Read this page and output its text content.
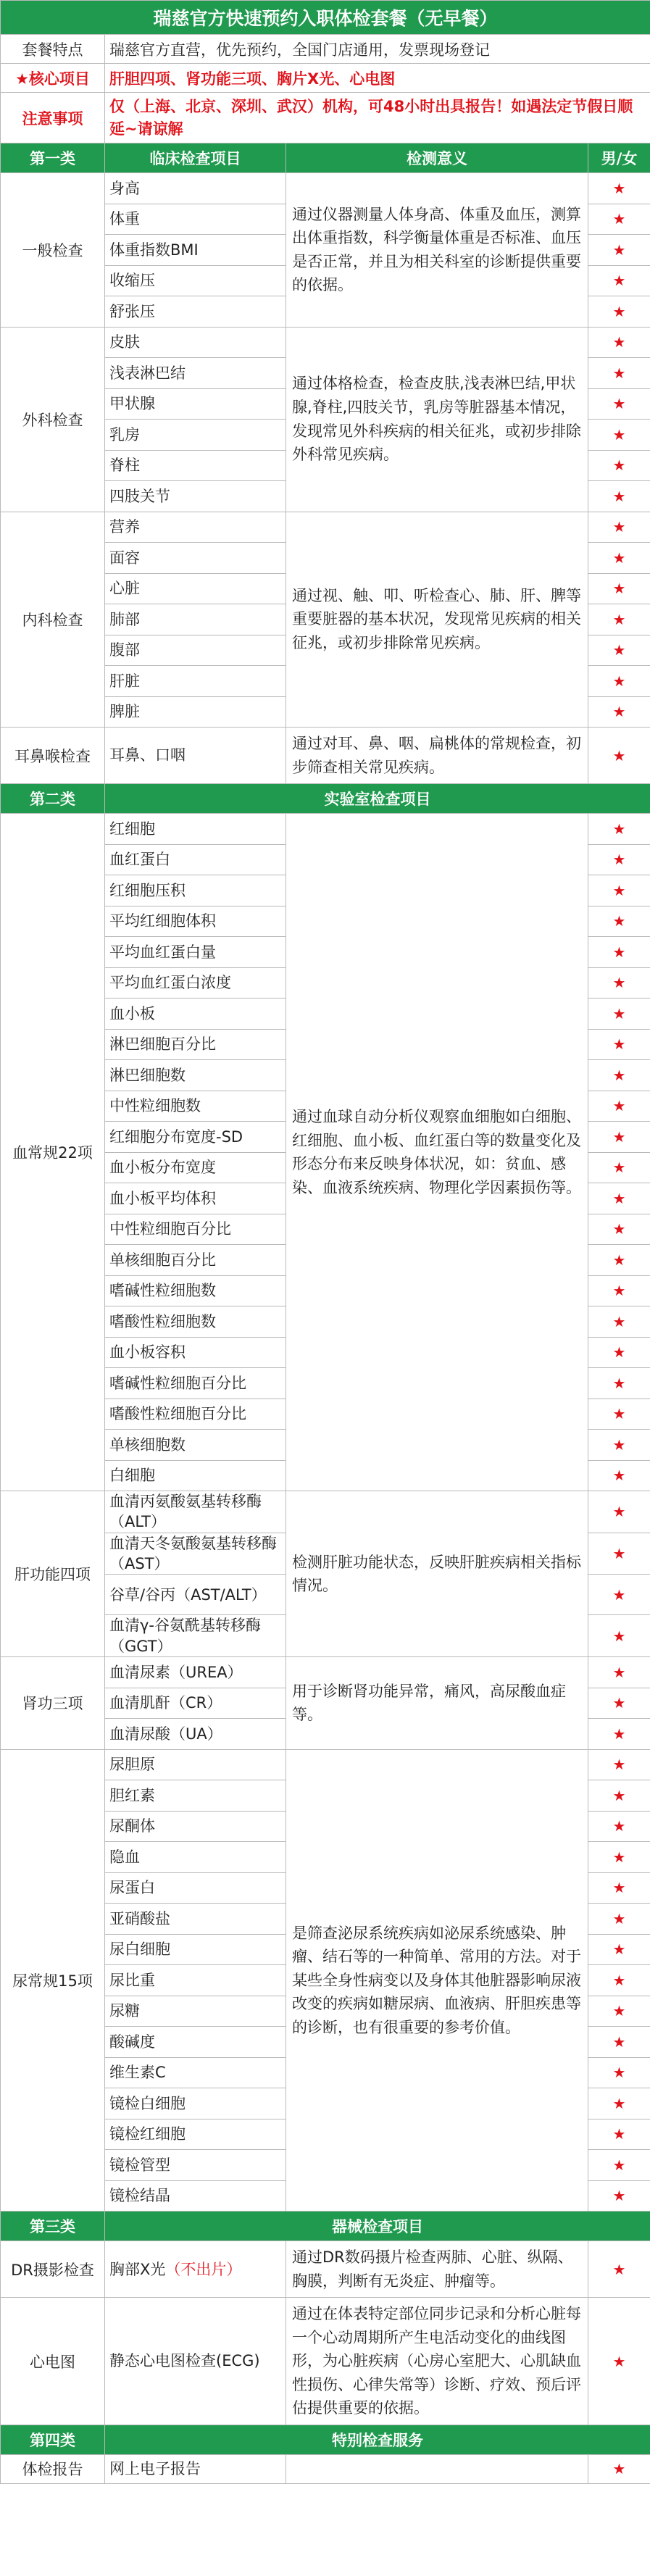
瑞慈官方快速预约入职体检套餐（无早餐）			
套餐特点	瑞慈官方直营，优先预约，全国门店通用，发票现场登记		
★核心项目	肝胆四项、肾功能三项、胸片X光、心电图		
注意事项	仅（上海、北京、深圳、武汉）机构，可48小时出具报告！如遇法定节假日顺延~请谅解		
第一类	临床检查项目	检测意义	男/女
一般检查	身高	通过仪器测量人体身高、体重及血压，测算出体重指数，科学衡量体重是否标准、血压是否正常，并且为相关科室的诊断提供重要的依据。	★
	体重		★
	体重指数BMI		★
	收缩压		★
	舒张压		★
外科检查	皮肤	通过体格检查，检查皮肤,浅表淋巴结,甲状腺,脊柱,四肢关节，乳房等脏器基本情况，发现常见外科疾病的相关征兆，或初步排除外科常见疾病。	★
	浅表淋巴结		★
	甲状腺		★
	乳房		★
	脊柱		★
	四肢关节		★
内科检查	营养	通过视、触、叩、听检查心、肺、肝、脾等重要脏器的基本状况，发现常见疾病的相关征兆，或初步排除常见疾病。	★
	面容		★
	心脏		★
	肺部		★
	腹部		★
	肝脏		★
	脾脏		★
耳鼻喉检查	耳鼻、口咽	通过对耳、鼻、咽、扁桃体的常规检查，初步筛查相关常见疾病。	★
第二类	实验室检查项目		
血常规22项	红细胞	通过血球自动分析仪观察血细胞如白细胞、红细胞、血小板、血红蛋白等的数量变化及形态分布来反映身体状况，如：贫血、感染、血液系统疾病、物理化学因素损伤等。	★
	血红蛋白		★
	红细胞压积		★
	平均红细胞体积		★
	平均血红蛋白量		★
	平均血红蛋白浓度		★
	血小板		★
	淋巴细胞百分比		★
	淋巴细胞数		★
	中性粒细胞数		★
	红细胞分布宽度-SD		★
	血小板分布宽度		★
	血小板平均体积		★
	中性粒细胞百分比		★
	单核细胞百分比		★
	嗜碱性粒细胞数		★
	嗜酸性粒细胞数		★
	血小板容积		★
	嗜碱性粒细胞百分比		★
	嗜酸性粒细胞百分比		★
	单核细胞数		★
	白细胞		★
肝功能四项	血清丙氨酸氨基转移酶（ALT）	检测肝脏功能状态，反映肝脏疾病相关指标情况。	★
	血清天冬氨酸氨基转移酶（AST）		★
	谷草/谷丙（AST/ALT）		★
	血清γ-谷氨酰基转移酶（GGT）		★
肾功三项	血清尿素（UREA）	用于诊断肾功能异常，痛风，高尿酸血症等。	★
	血清肌酐（CR）		★
	血清尿酸（UA）		★
尿常规15项	尿胆原	是筛查泌尿系统疾病如泌尿系统感染、肿瘤、结石等的一种简单、常用的方法。对于某些全身性病变以及身体其他脏器影响尿液改变的疾病如糖尿病、血液病、肝胆疾患等的诊断，也有很重要的参考价值。	★
	胆红素		★
	尿酮体		★
	隐血		★
	尿蛋白		★
	亚硝酸盐		★
	尿白细胞		★
	尿比重		★
	尿糖		★
	酸碱度		★
	维生素C		★
	镜检白细胞		★
	镜检红细胞		★
	镜检管型		★
	镜检结晶		★
第三类	器械检查项目		
DR摄影检查	胸部X光（不出片）	通过DR数码摄片检查两肺、心脏、纵隔、胸膜，判断有无炎症、肿瘤等。	★
心电图	静态心电图检查(ECG)	通过在体表特定部位同步记录和分析心脏每一个心动周期所产生电活动变化的曲线图形，为心脏疾病（心房心室肥大、心肌缺血性损伤、心律失常等）诊断、疗效、预后评估提供重要的依据。	★
第四类	特别检查服务		
体检报告	网上电子报告		★
